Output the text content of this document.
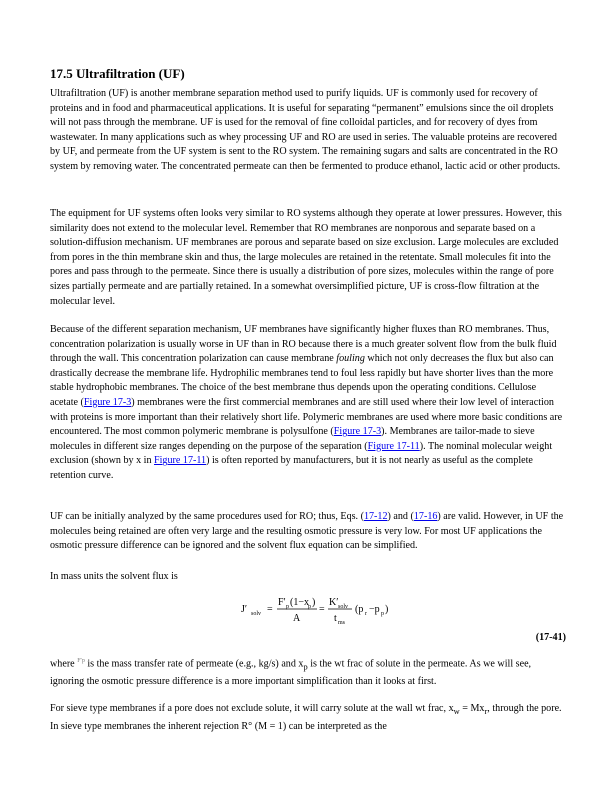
17.5 Ultrafiltration (UF)

Ultrafiltration (UF) is another membrane separation method used to purify liquids. UF is commonly used for recovery of proteins and in food and pharmaceutical applications. It is useful for separating “permanent” emulsions since the oil droplets will not pass through the membrane. UF is used for the removal of fine colloidal particles, and for recovery of dyes from wastewater. In many applications such as whey processing UF and RO are used in series. The valuable proteins are recovered by UF, and permeate from the UF system is sent to the RO system. The remaining sugars and salts are concentrated in the RO system by removing water. The concentrated permeate can then be fermented to produce ethanol, lactic acid or other products.

The equipment for UF systems often looks very similar to RO systems although they operate at lower pressures. However, this similarity does not extend to the molecular level. Remember that RO membranes are nonporous and separate based on a solution-diffusion mechanism. UF membranes are porous and separate based on size exclusion. Large molecules are excluded from pores in the thin membrane skin and thus, the large molecules are retained in the retentate. Small molecules fit into the pores and pass through to the permeate. Since there is usually a distribution of pore sizes, molecules within the range of pore sizes partially permeate and are partially retained. In a somewhat oversimplified picture, UF is cross-flow filtration at the molecular level.

Because of the different separation mechanism, UF membranes have significantly higher fluxes than RO membranes. Thus, concentration polarization is usually worse in UF than in RO because there is a much greater solvent flow from the bulk fluid through the wall. This concentration polarization can cause membrane fouling which not only decreases the flux but also can drastically decrease the membrane life. Hydrophilic membranes tend to foul less rapidly but have shorter lives than the more stable hydrophobic membranes. The choice of the best membrane thus depends upon the operating conditions. Cellulose acetate (Figure 17-3) membranes were the first commercial membranes and are still used where their low level of interaction with proteins is more important than their relatively short life. Polymeric membranes are used where more basic conditions are encountered. The most common polymeric membrane is polysulfone (Figure 17-3). Membranes are tailor-made to sieve molecules in different size ranges depending on the purpose of the separation (Figure 17-11). The nominal molecular weight exclusion (shown by x in Figure 17-11) is often reported by manufacturers, but it is not nearly as useful as the complete retention curve.

UF can be initially analyzed by the same procedures used for RO; thus, Eqs. (17-12) and (17-16) are valid. However, in UF the molecules being retained are often very large and the resulting osmotic pressure is very low. For most UF applications the osmotic pressure difference can be ignored and the solvent flux equation can be simplified.

In mass units the solvent flux is

J′ solv =
F′ p (1−x p )
A
=
K′ solv
t ms
(p r −p p )
(17-41)

where $^{F'p}$ is the mass transfer rate of permeate (e.g., kg/s) and $x_p$ is the wt frac of solute in the permeate. As we will see, ignoring the osmotic pressure difference is a more important simplification than it looks at first.

For sieve type membranes if a pore does not exclude solute, it will carry solute at the wall wt frac, $x_w = Mx_r$, through the pore. In sieve type membranes the inherent rejection R° (M = 1) can be interpreted as the
